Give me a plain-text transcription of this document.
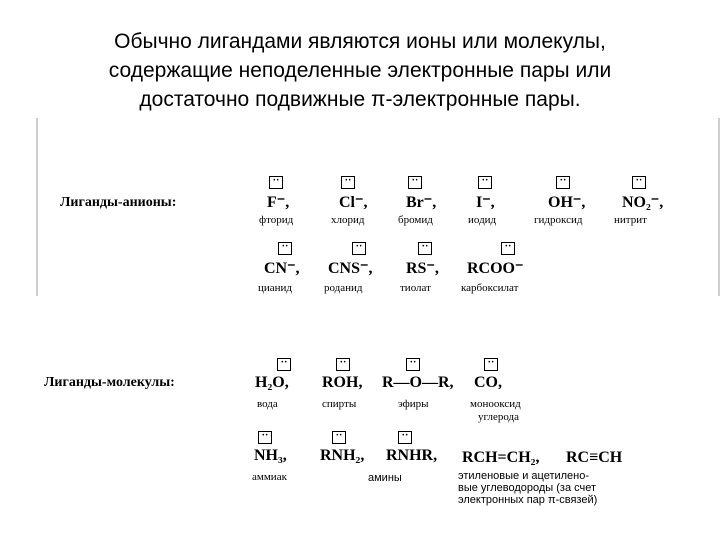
Обычно лигандами являются ионы или молекулы,
содержащие неподеленные электронные пары или
достаточно подвижные π-электронные пары.
Лиганды-анионы:
··
F⁻,
фторид
··
Cl⁻,
хлорид
··
Br⁻,
бромид
··
I⁻,
иодид
··
OH⁻,
гидроксид
··
NO₂⁻,
нитрит
··
CN⁻,
цианид
··
CNS⁻,
роданид
··
RS⁻,
тиолат
··
RCOO⁻
карбоксилат
Лиганды-молекулы:
··
H₂O,
вода
··
ROH,
спирты
··
R—O—R,
эфиры
··
CO,
монооксид
углерода
··
NH₃,
аммиак
··
RNH₂,
··
RNHR,
амины
RCH=CH₂, RC≡CH
этиленовые и ацетилено-
вые углеводороды (за счет
электронных пар π-связей)
